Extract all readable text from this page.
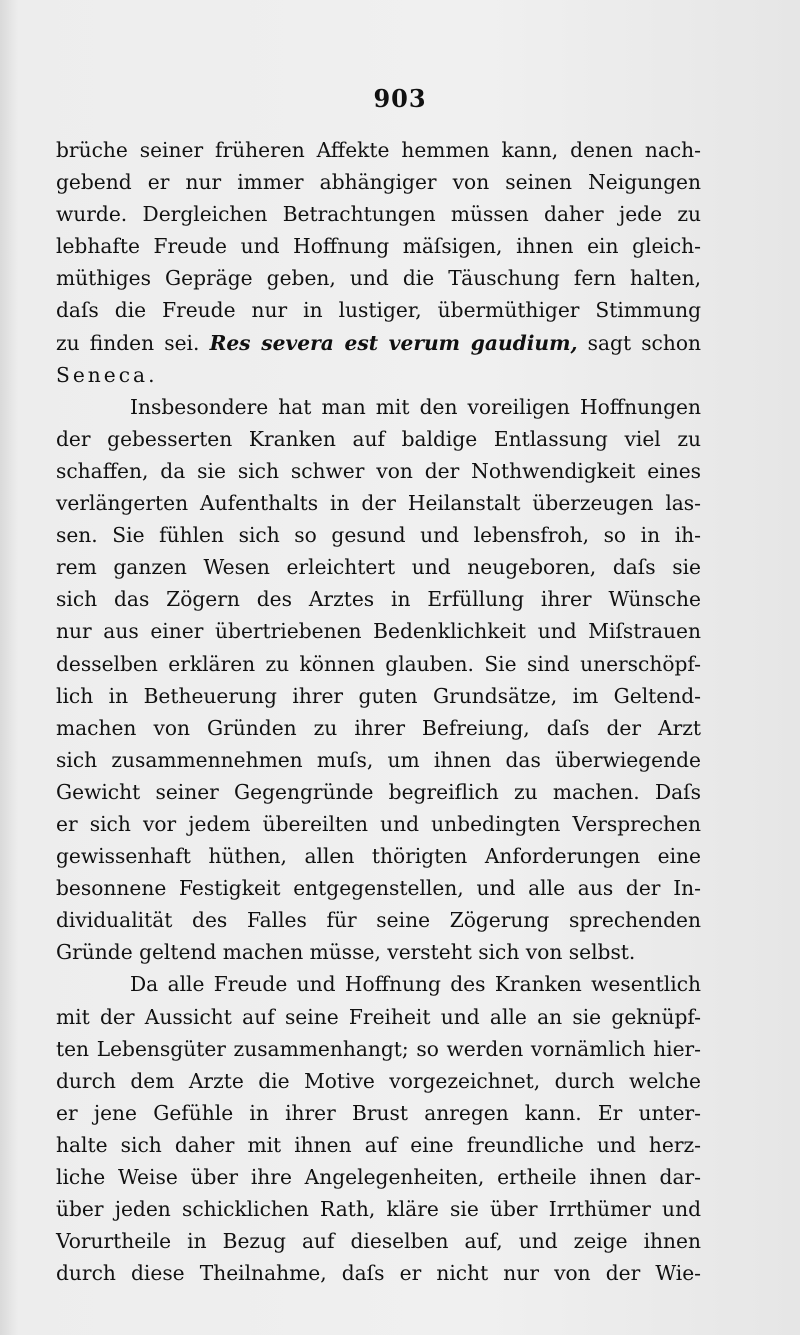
903
brüche seiner früheren Affekte hemmen kann, denen nach-
gebend er nur immer abhängiger von seinen Neigungen
wurde. Dergleichen Betrachtungen müssen daher jede zu
lebhafte Freude und Hoffnung mäſsigen, ihnen ein gleich-
müthiges Gepräge geben, und die Täuschung fern halten,
daſs die Freude nur in lustiger, übermüthiger Stimmung
zu finden sei. Res severa est verum gaudium, sagt schon
Seneca.
Insbesondere hat man mit den voreiligen Hoffnungen
der gebesserten Kranken auf baldige Entlassung viel zu
schaffen, da sie sich schwer von der Nothwendigkeit eines
verlängerten Aufenthalts in der Heilanstalt überzeugen las-
sen. Sie fühlen sich so gesund und lebensfroh, so in ih-
rem ganzen Wesen erleichtert und neugeboren, daſs sie
sich das Zögern des Arztes in Erfüllung ihrer Wünsche
nur aus einer übertriebenen Bedenklichkeit und Miſstrauen
desselben erklären zu können glauben. Sie sind unerschöpf-
lich in Betheuerung ihrer guten Grundsätze, im Geltend-
machen von Gründen zu ihrer Befreiung, daſs der Arzt
sich zusammennehmen muſs, um ihnen das überwiegende
Gewicht seiner Gegengründe begreiflich zu machen. Daſs
er sich vor jedem übereilten und unbedingten Versprechen
gewissenhaft hüthen, allen thörigten Anforderungen eine
besonnene Festigkeit entgegenstellen, und alle aus der In-
dividualität des Falles für seine Zögerung sprechenden
Gründe geltend machen müsse, versteht sich von selbst.
Da alle Freude und Hoffnung des Kranken wesentlich
mit der Aussicht auf seine Freiheit und alle an sie geknüpf-
ten Lebensgüter zusammenhangt; so werden vornämlich hier-
durch dem Arzte die Motive vorgezeichnet, durch welche
er jene Gefühle in ihrer Brust anregen kann. Er unter-
halte sich daher mit ihnen auf eine freundliche und herz-
liche Weise über ihre Angelegenheiten, ertheile ihnen dar-
über jeden schicklichen Rath, kläre sie über Irrthümer und
Vorurtheile in Bezug auf dieselben auf, und zeige ihnen
durch diese Theilnahme, daſs er nicht nur von der Wie-
